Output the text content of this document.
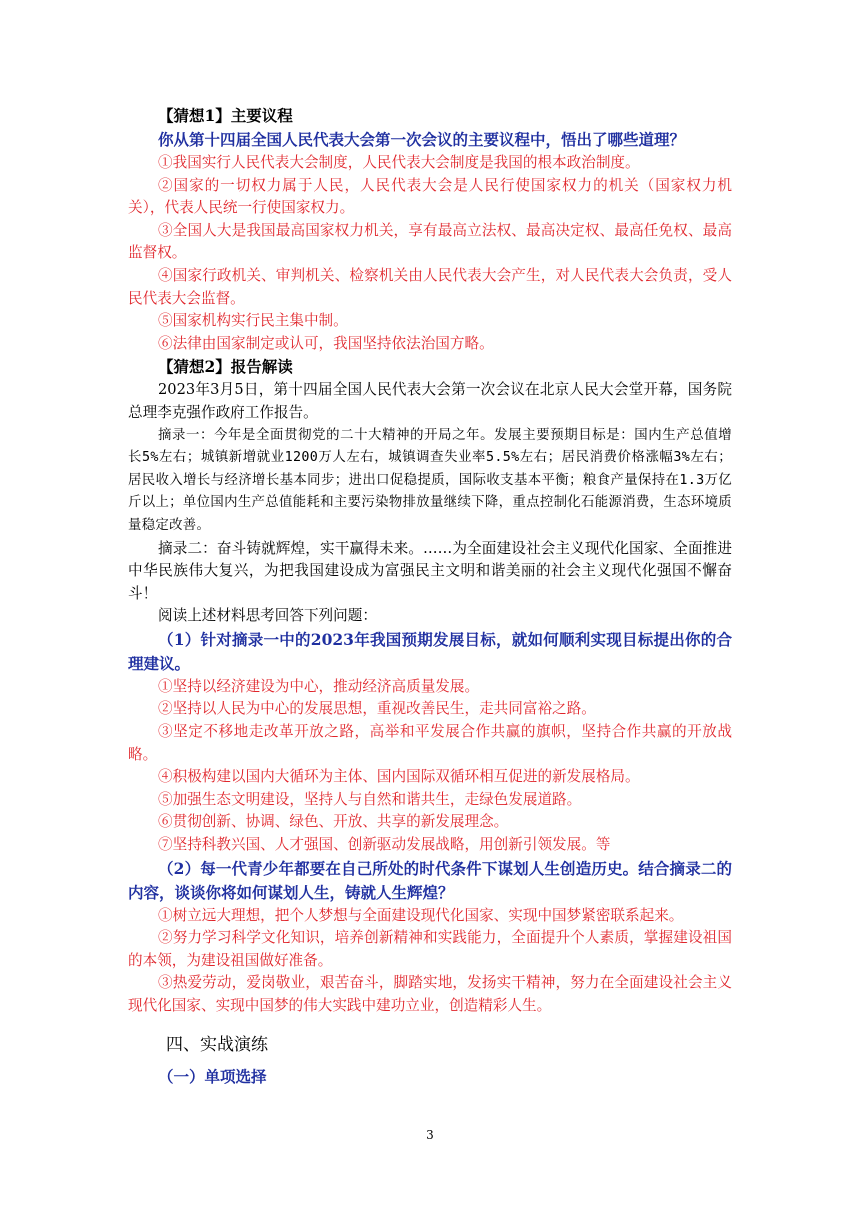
【猜想1】主要议程

你从第十四届全国人民代表大会第一次会议的主要议程中，悟出了哪些道理？

①我国实行人民代表大会制度，人民代表大会制度是我国的根本政治制度。

②国家的一切权力属于人民，人民代表大会是人民行使国家权力的机关（国家权力机关），代表人民统一行使国家权力。

③全国人大是我国最高国家权力机关，享有最高立法权、最高决定权、最高任免权、最高监督权。

④国家行政机关、审判机关、检察机关由人民代表大会产生，对人民代表大会负责，受人民代表大会监督。

⑤国家机构实行民主集中制。

⑥法律由国家制定或认可，我国坚持依法治国方略。

【猜想2】报告解读

2023年3月5日，第十四届全国人民代表大会第一次会议在北京人民大会堂开幕，国务院总理李克强作政府工作报告。

摘录一：今年是全面贯彻党的二十大精神的开局之年。发展主要预期目标是：国内生产总值增长5%左右；城镇新增就业1200万人左右，城镇调查失业率5.5%左右；居民消费价格涨幅3%左右；居民收入增长与经济增长基本同步；进出口促稳提质，国际收支基本平衡；粮食产量保持在1.3万亿斤以上；单位国内生产总值能耗和主要污染物排放量继续下降，重点控制化石能源消费，生态环境质量稳定改善。

摘录二：奋斗铸就辉煌，实干赢得未来。……为全面建设社会主义现代化国家、全面推进中华民族伟大复兴，为把我国建设成为富强民主文明和谐美丽的社会主义现代化强国不懈奋斗！

阅读上述材料思考回答下列问题：

（1）针对摘录一中的2023年我国预期发展目标，就如何顺利实现目标提出你的合理建议。

①坚持以经济建设为中心，推动经济高质量发展。

②坚持以人民为中心的发展思想，重视改善民生，走共同富裕之路。

③坚定不移地走改革开放之路，高举和平发展合作共赢的旗帜，坚持合作共赢的开放战略。

④积极构建以国内大循环为主体、国内国际双循环相互促进的新发展格局。

⑤加强生态文明建设，坚持人与自然和谐共生，走绿色发展道路。

⑥贯彻创新、协调、绿色、开放、共享的新发展理念。

⑦坚持科教兴国、人才强国、创新驱动发展战略，用创新引领发展。等

（2）每一代青少年都要在自己所处的时代条件下谋划人生创造历史。结合摘录二的内容，谈谈你将如何谋划人生，铸就人生辉煌？

①树立远大理想，把个人梦想与全面建设现代化国家、实现中国梦紧密联系起来。

②努力学习科学文化知识，培养创新精神和实践能力，全面提升个人素质，掌握建设祖国的本领，为建设祖国做好准备。

③热爱劳动，爱岗敬业，艰苦奋斗，脚踏实地，发扬实干精神，努力在全面建设社会主义现代化国家、实现中国梦的伟大实践中建功立业，创造精彩人生。

四、实战演练

（一）单项选择

3
